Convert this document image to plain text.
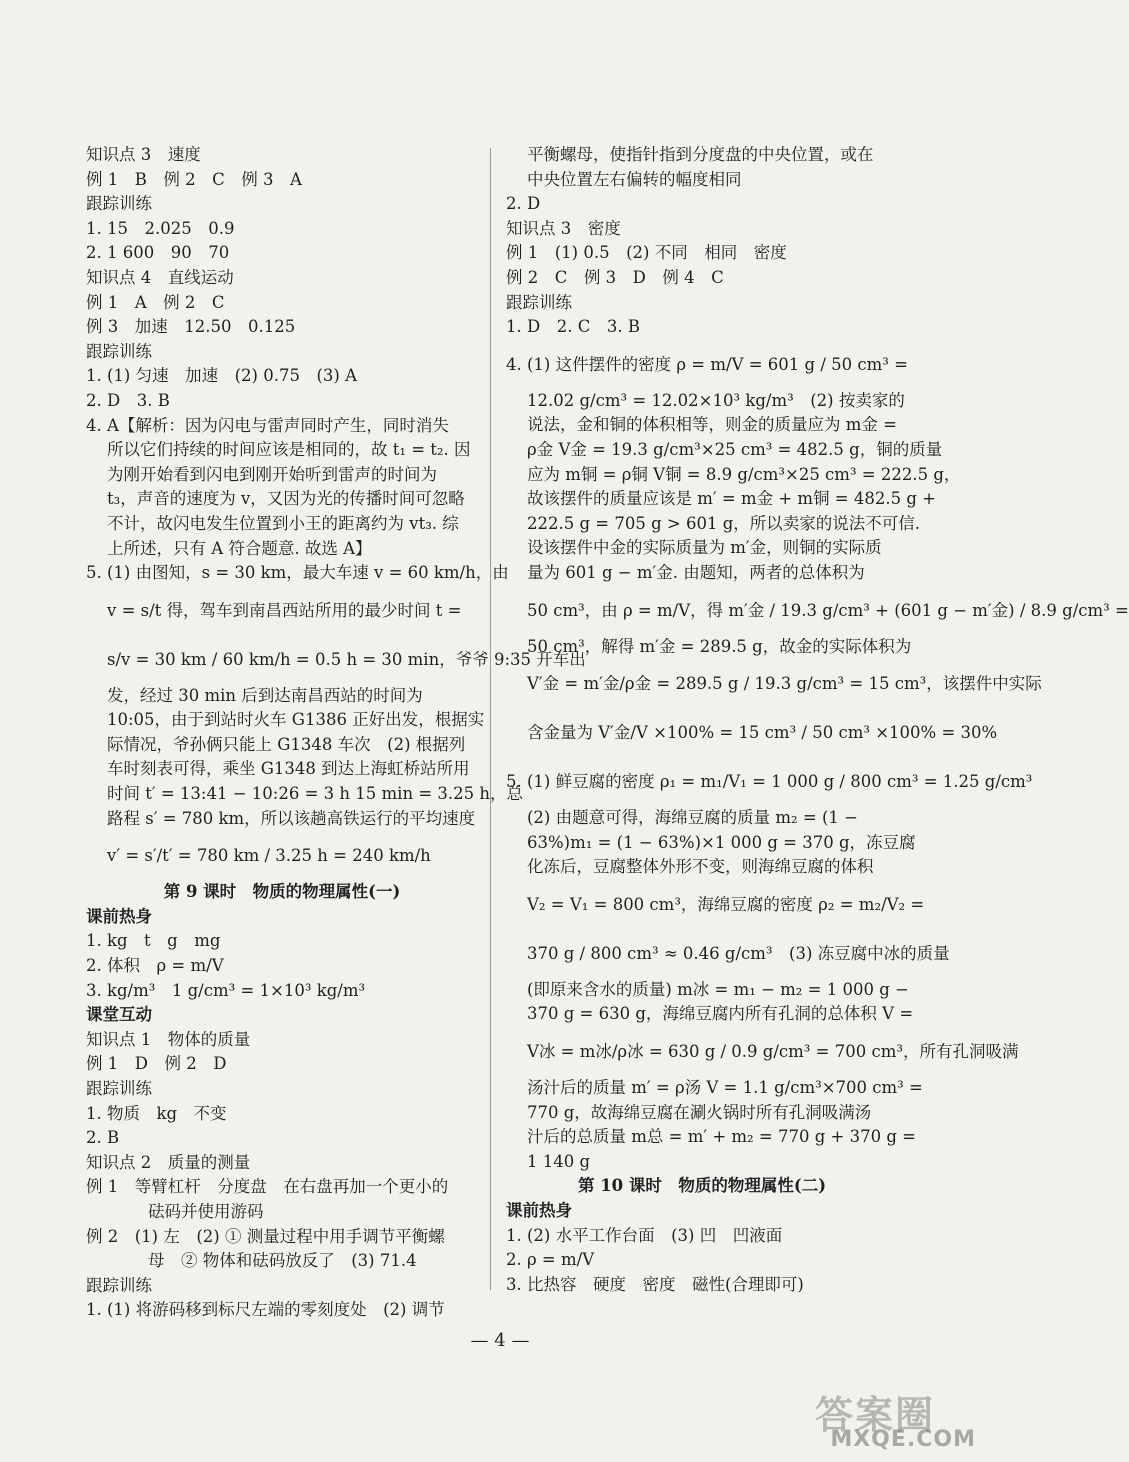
知识点 3　速度
例 1　B　例 2　C　例 3　A
跟踪训练
1. 15　2.025　0.9
2. 1 600　90　70
知识点 4　直线运动
例 1　A　例 2　C
例 3　加速　12.50　0.125
跟踪训练
1. (1) 匀速　加速　(2) 0.75　(3) A
2. D　3. B
4. A【解析：因为闪电与雷声同时产生，同时消失
所以它们持续的时间应该是相同的，故 t₁ = t₂. 因
为刚开始看到闪电到刚开始听到雷声的时间为
t₃，声音的速度为 v，又因为光的传播时间可忽略
不计，故闪电发生位置到小王的距离约为 vt₃. 综
上所述，只有 A 符合题意. 故选 A】
5. (1) 由图知，s = 30 km，最大车速 v = 60 km/h，由
v = s/t 得，驾车到南昌西站所用的最少时间 t =
s/v = 30 km / 60 km/h = 0.5 h = 30 min，爷爷 9:35 开车出
发，经过 30 min 后到达南昌西站的时间为
10:05，由于到站时火车 G1386 正好出发，根据实
际情况，爷孙俩只能上 G1348 车次　(2) 根据列
车时刻表可得，乘坐 G1348 到达上海虹桥站所用
时间 t′ = 13:41 − 10:26 = 3 h 15 min = 3.25 h，总
路程 s′ = 780 km，所以该趟高铁运行的平均速度
v′ = s′/t′ = 780 km / 3.25 h = 240 km/h
第 9 课时　物质的物理属性(一)
课前热身
1. kg　t　g　mg
2. 体积　ρ = m/V
3. kg/m³　1 g/cm³ = 1×10³ kg/m³
课堂互动
知识点 1　物体的质量
例 1　D　例 2　D
跟踪训练
1. 物质　kg　不变
2. B
知识点 2　质量的测量
例 1　等臂杠杆　分度盘　在右盘再加一个更小的
砝码并使用游码
例 2　(1) 左　(2) ① 测量过程中用手调节平衡螺
母　② 物体和砝码放反了　(3) 71.4
跟踪训练
1. (1) 将游码移到标尺左端的零刻度处　(2) 调节
平衡螺母，使指针指到分度盘的中央位置，或在
中央位置左右偏转的幅度相同
2. D
知识点 3　密度
例 1　(1) 0.5　(2) 不同　相同　密度
例 2　C　例 3　D　例 4　C
跟踪训练
1. D　2. C　3. B
4. (1) 这件摆件的密度 ρ = m/V = 601 g / 50 cm³ =
12.02 g/cm³ = 12.02×10³ kg/m³　(2) 按卖家的
说法，金和铜的体积相等，则金的质量应为 m金 =
ρ金 V金 = 19.3 g/cm³×25 cm³ = 482.5 g，铜的质量
应为 m铜 = ρ铜 V铜 = 8.9 g/cm³×25 cm³ = 222.5 g，
故该摆件的质量应该是 m′ = m金 + m铜 = 482.5 g +
222.5 g = 705 g > 601 g，所以卖家的说法不可信.
设该摆件中金的实际质量为 m′金，则铜的实际质
量为 601 g − m′金. 由题知，两者的总体积为
50 cm³，由 ρ = m/V，得 m′金 / 19.3 g/cm³ + (601 g − m′金) / 8.9 g/cm³ =
50 cm³，解得 m′金 = 289.5 g，故金的实际体积为
V′金 = m′金/ρ金 = 289.5 g / 19.3 g/cm³ = 15 cm³，该摆件中实际
含金量为 V′金/V ×100% = 15 cm³ / 50 cm³ ×100% = 30%
5. (1) 鲜豆腐的密度 ρ₁ = m₁/V₁ = 1 000 g / 800 cm³ = 1.25 g/cm³
(2) 由题意可得，海绵豆腐的质量 m₂ = (1 −
63%)m₁ = (1 − 63%)×1 000 g = 370 g，冻豆腐
化冻后，豆腐整体外形不变，则海绵豆腐的体积
V₂ = V₁ = 800 cm³，海绵豆腐的密度 ρ₂ = m₂/V₂ =
370 g / 800 cm³ ≈ 0.46 g/cm³　(3) 冻豆腐中冰的质量
(即原来含水的质量) m冰 = m₁ − m₂ = 1 000 g −
370 g = 630 g，海绵豆腐内所有孔洞的总体积 V =
V冰 = m冰/ρ冰 = 630 g / 0.9 g/cm³ = 700 cm³，所有孔洞吸满
汤汁后的质量 m′ = ρ汤 V = 1.1 g/cm³×700 cm³ =
770 g，故海绵豆腐在涮火锅时所有孔洞吸满汤
汁后的总质量 m总 = m′ + m₂ = 770 g + 370 g =
1 140 g
第 10 课时　物质的物理属性(二)
课前热身
1. (2) 水平工作台面　(3) 凹　凹液面
2. ρ = m/V
3. 比热容　硬度　密度　磁性(合理即可)
— 4 —
答案圈
MXQE.COM
